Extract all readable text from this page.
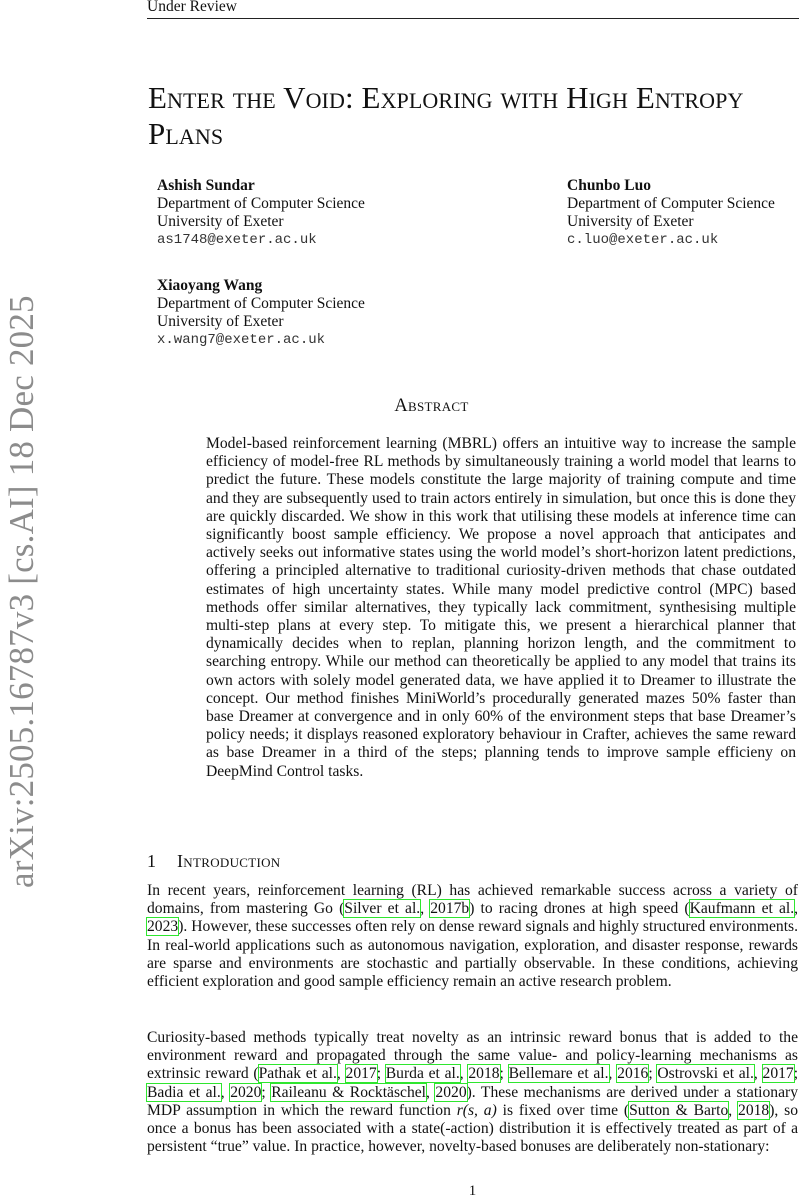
Under Review
arXiv:2505.16787v3 [cs.AI] 18 Dec 2025
Enter the Void: Exploring with High Entropy
Plans
Ashish Sundar
Department of Computer Science
University of Exeter
as1748@exeter.ac.uk
Chunbo Luo
Department of Computer Science
University of Exeter
c.luo@exeter.ac.uk
Xiaoyang Wang
Department of Computer Science
University of Exeter
x.wang7@exeter.ac.uk
Abstract
Model-based reinforcement learning (MBRL) offers an intuitive way to increase the sample efficiency of model-free RL methods by simultaneously training a world model that learns to predict the future. These models constitute the large majority of training compute and time and they are subsequently used to train actors entirely in simulation, but once this is done they are quickly discarded. We show in this work that utilising these models at inference time can significantly boost sample efficiency. We propose a novel approach that anticipates and actively seeks out informative states using the world model’s short-horizon latent predictions, offering a principled alternative to traditional curiosity-driven methods that chase outdated estimates of high uncertainty states. While many model predictive control (MPC) based methods offer similar alternatives, they typically lack commitment, synthesising multiple multi-step plans at every step. To mitigate this, we present a hierarchical planner that dynamically decides when to replan, planning horizon length, and the commitment to searching entropy. While our method can theoretically be applied to any model that trains its own actors with solely model generated data, we have applied it to Dreamer to illustrate the concept. Our method finishes MiniWorld’s procedurally generated mazes 50% faster than base Dreamer at convergence and in only 60% of the environment steps that base Dreamer’s policy needs; it displays reasoned exploratory behaviour in Crafter, achieves the same reward as base Dreamer in a third of the steps; planning tends to improve sample efficieny on DeepMind Control tasks.
1 Introduction
In recent years, reinforcement learning (RL) has achieved remarkable success across a variety of domains, from mastering Go (Silver et al., 2017b) to racing drones at high speed (Kaufmann et al., 2023). However, these successes often rely on dense reward signals and highly structured environments. In real-world applications such as autonomous navigation, exploration, and disaster response, rewards are sparse and environments are stochastic and partially observable. In these conditions, achieving efficient exploration and good sample efficiency remain an active research problem.
Curiosity-based methods typically treat novelty as an intrinsic reward bonus that is added to the environment reward and propagated through the same value- and policy-learning mechanisms as extrinsic reward (Pathak et al., 2017; Burda et al., 2018; Bellemare et al., 2016; Ostrovski et al., 2017; Badia et al., 2020; Raileanu & Rocktäschel, 2020). These mechanisms are derived under a stationary MDP assumption in which the reward function r(s, a) is fixed over time (Sutton & Barto, 2018), so once a bonus has been associated with a state(-action) distribution it is effectively treated as part of a persistent “true” value. In practice, however, novelty-based bonuses are deliberately non-stationary:
1
